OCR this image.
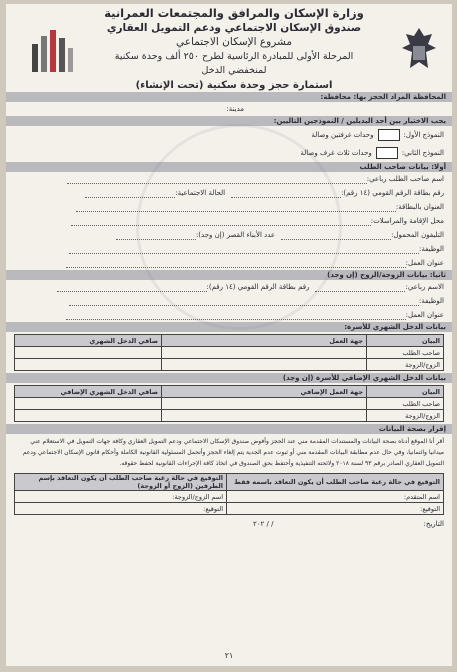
وزارة الإسكان والمرافق والمجتمعات العمرانية
صندوق الإسكان الاجتماعي ودعم التمويل العقاري
مشروع الإسكان الاجتماعي
المرحلة الأولى للمبادرة الرئاسية لطرح ٢٥٠ ألف وحدة سكنية
لمنخفضي الدخل
استمارة حجز وحدة سكنية (تحت الإنشاء)
المحافظة المراد الحجز بها: محافظة:
مدينة:
يجب الاختيار بين أحد البديلين / النموذجين التاليين:
النموذج الأول:وحدات غرفتين وصالة
النموذج الثاني:وحدات ثلاث غرف وصالة
أولا: بيانات صاحب الطلب
اسم صاحب الطلب رباعي:
رقم بطاقة الرقم القومي (١٤ رقم):الحالة الاجتماعية:
العنوان بالبطاقة:
محل الإقامة والمراسلات:
التليفون المحمول:عدد الأبناء القصر (إن وجد):
الوظيفة:
عنوان العمل:
ثانيا: بيانات الزوجة/الزوج (إن وجد)
الاسم رباعي:رقم بطاقة الرقم القومي (١٤ رقم):
الوظيفة:
عنوان العمل:
بيانات الدخل الشهري للأسرة:
البيان	جهة العمل	صافي الدخل الشهري
صاحب الطلب		
الزوج/الزوجة		
بيانات الدخل الشهري الإضافي للأسرة (إن وجد)
البيان	جهة العمل الإضافي	صافي الدخل الشهري الإضافي
صاحب الطلب		
الزوج/الزوجة		
إقرار بصحة البيانات
أقر أنا الموقع أدناه بصحة البيانات والمستندات المقدمة مني عند الحجز وأفوض صندوق الإسكان الاجتماعي ودعم التمويل العقاري وكافة جهات التمويل في الاستعلام عني ميدانيا وائتمانيا، وفي حال عدم مطابقة البيانات المقدمة مني أو ثبوت عدم الجدية يتم إلغاء الحجز وأتحمل المسئولية القانونية الكاملة وأحكام قانون الإسكان الاجتماعي ودعم التمويل العقاري الصادر برقم ٩٣ لسنة ٢٠١٨ ولائحته التنفيذية وأحتفظ بحق الصندوق في اتخاذ كافة الإجراءات القانونية لحفظ حقوقه.
التوقيع في حالة رغبة صاحب الطلب أن يكون التعاقد باسمه فقط	التوقيع في حالة رغبة صاحب الطلب أن يكون التعاقد بإسم الطرفين (الزوج أو الزوجة)
اسم المتقدم:	اسم الزوج/الزوجة:
التوقيع:	التوقيع:
التاريخ:/ / ٢٠٢
٢١
